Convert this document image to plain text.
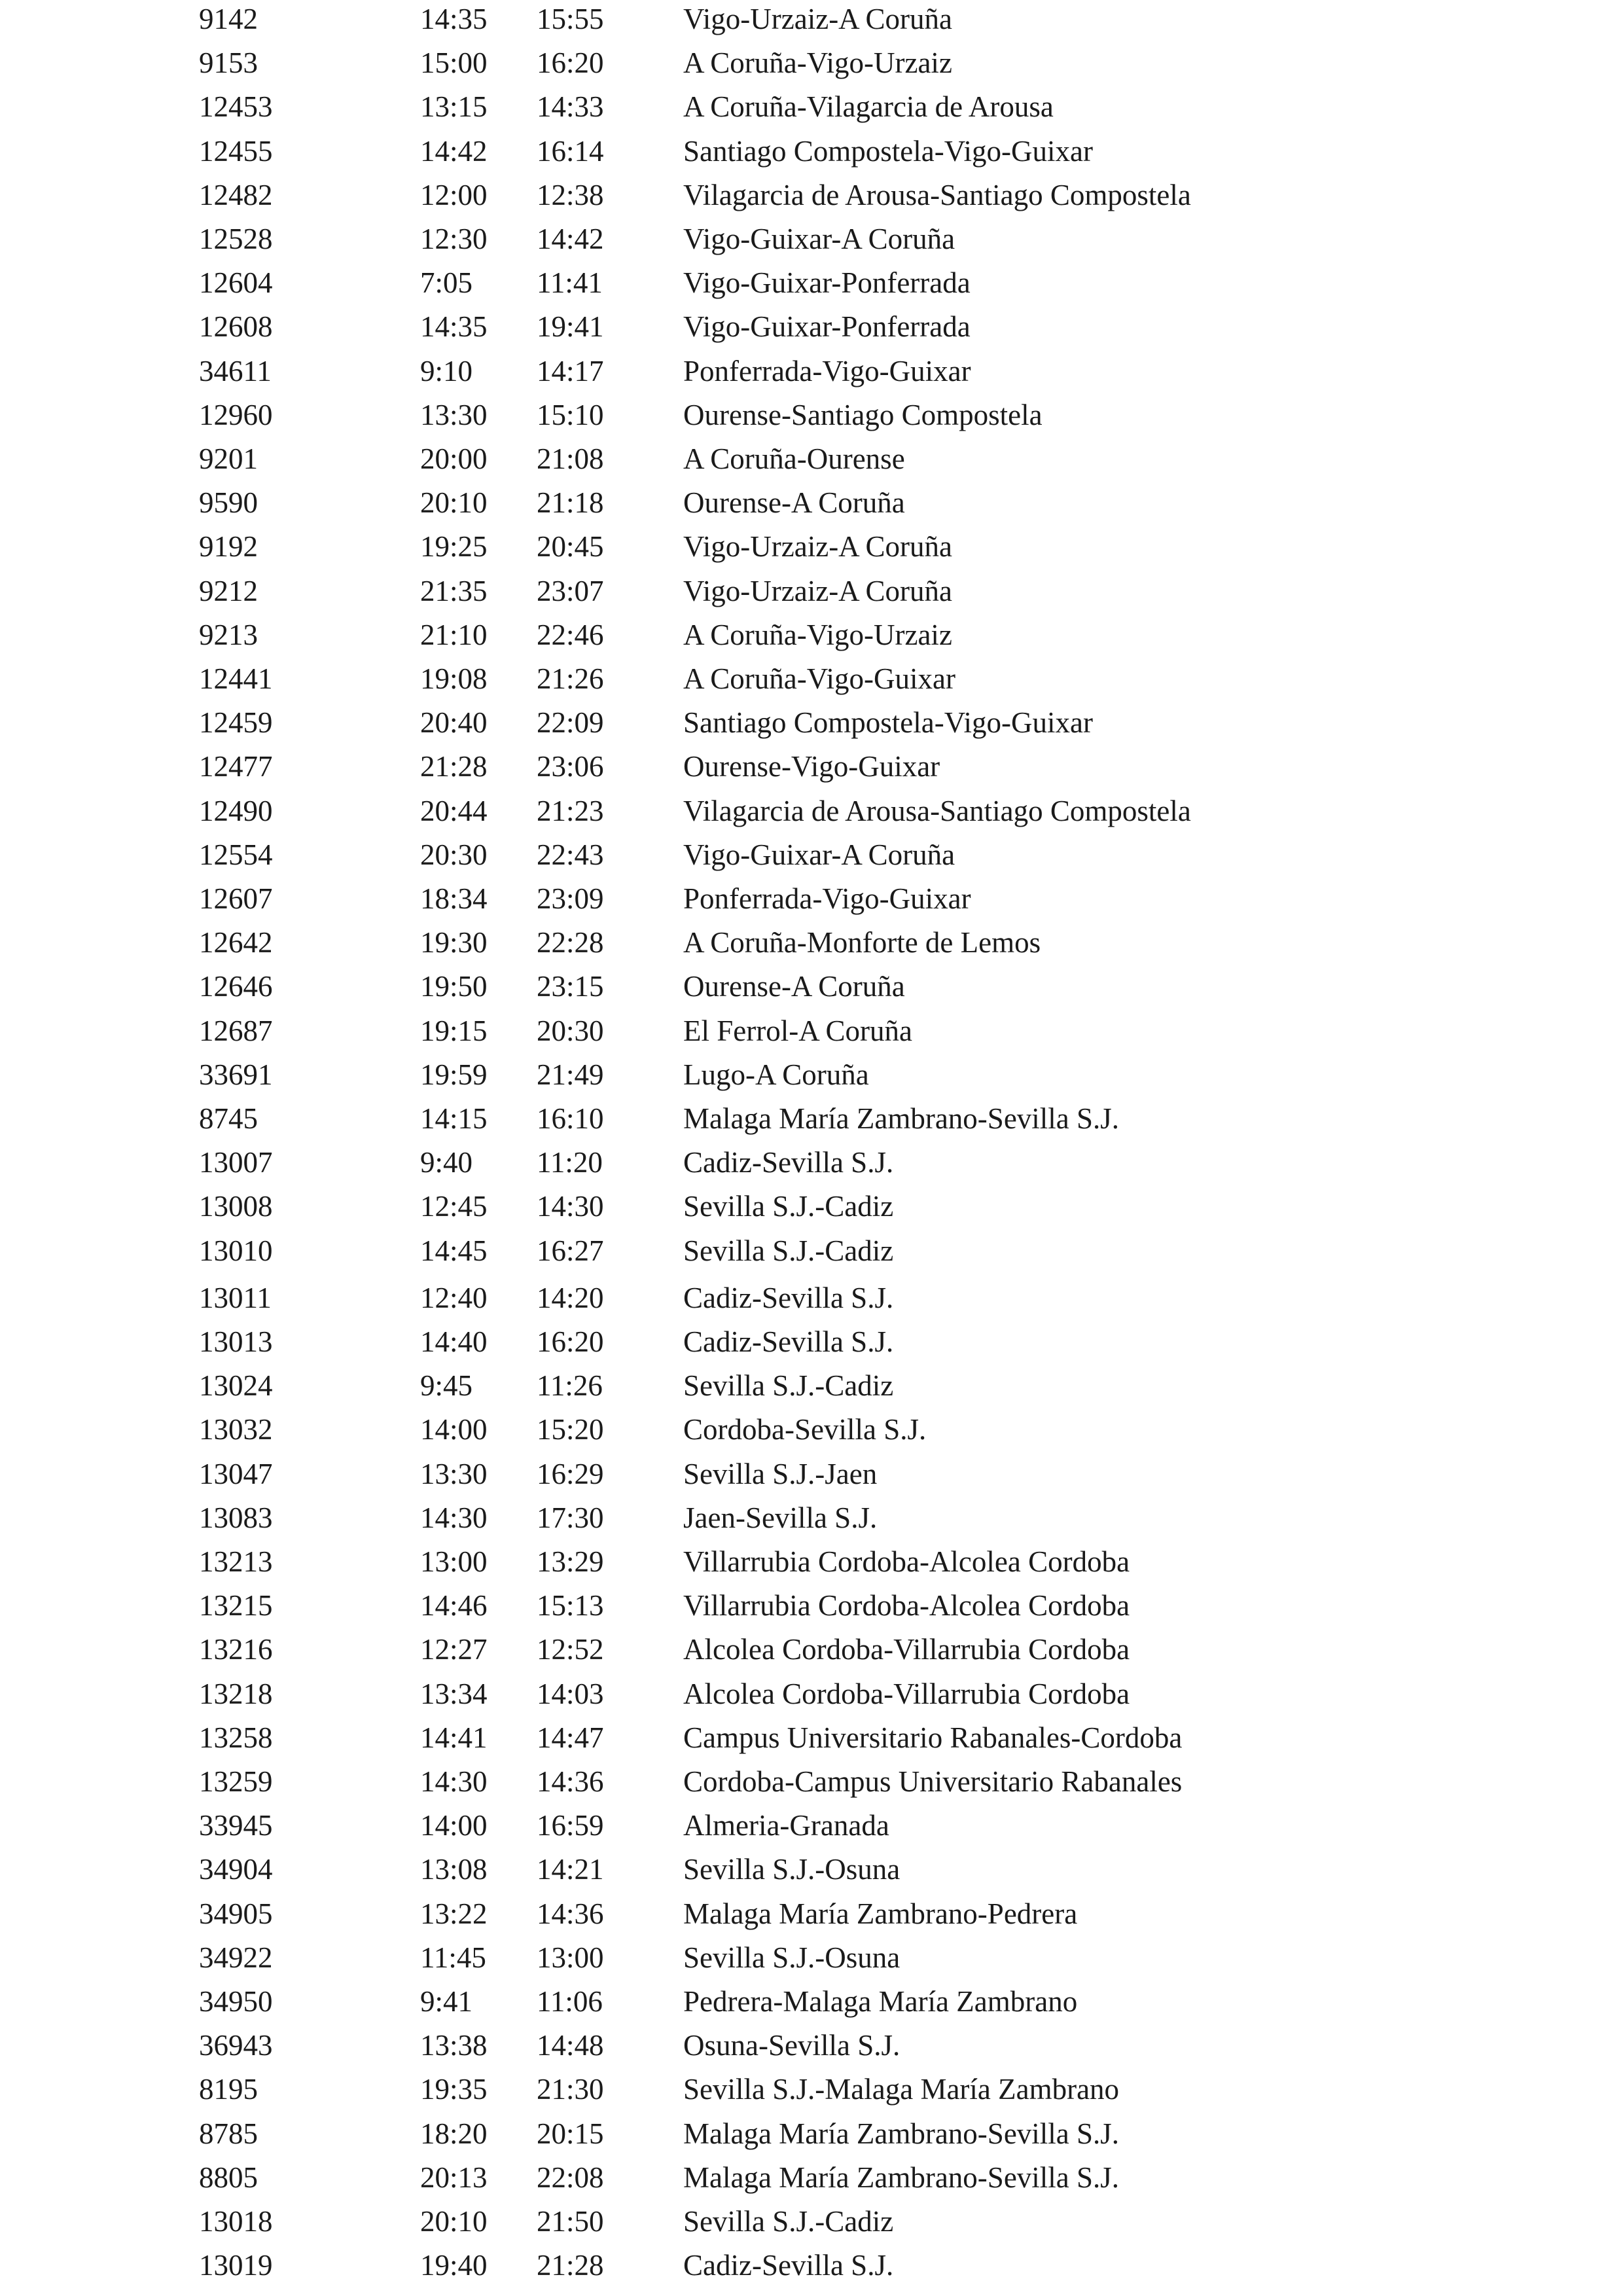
9142	14:35 15:55	Vigo-Urzaiz-A Coruña
9153	15:00 16:20	A Coruña-Vigo-Urzaiz
12453	13:15 14:33	A Coruña-Vilagarcia de Arousa
12455	14:42 16:14	Santiago Compostela-Vigo-Guixar
12482	12:00 12:38	Vilagarcia de Arousa-Santiago Compostela
12528	12:30 14:42	Vigo-Guixar-A Coruña
12604	7:05 11:41	Vigo-Guixar-Ponferrada
12608	14:35 19:41	Vigo-Guixar-Ponferrada
34611	9:10 14:17	Ponferrada-Vigo-Guixar
12960	13:30 15:10	Ourense-Santiago Compostela
9201	20:00 21:08	A Coruña-Ourense
9590	20:10 21:18	Ourense-A Coruña
9192	19:25 20:45	Vigo-Urzaiz-A Coruña
9212	21:35 23:07	Vigo-Urzaiz-A Coruña
9213	21:10 22:46	A Coruña-Vigo-Urzaiz
12441	19:08 21:26	A Coruña-Vigo-Guixar
12459	20:40 22:09	Santiago Compostela-Vigo-Guixar
12477	21:28 23:06	Ourense-Vigo-Guixar
12490	20:44 21:23	Vilagarcia de Arousa-Santiago Compostela
12554	20:30 22:43	Vigo-Guixar-A Coruña
12607	18:34 23:09	Ponferrada-Vigo-Guixar
12642	19:30 22:28	A Coruña-Monforte de Lemos
12646	19:50 23:15	Ourense-A Coruña
12687	19:15 20:30	El Ferrol-A Coruña
33691	19:59 21:49	Lugo-A Coruña
8745	14:15 16:10	Malaga María Zambrano-Sevilla S.J.
13007	9:40 11:20	Cadiz-Sevilla S.J.
13008	12:45 14:30	Sevilla S.J.-Cadiz
13010	14:45 16:27	Sevilla S.J.-Cadiz
13011	12:40 14:20	Cadiz-Sevilla S.J.
13013	14:40 16:20	Cadiz-Sevilla S.J.
13024	9:45 11:26	Sevilla S.J.-Cadiz
13032	14:00 15:20	Cordoba-Sevilla S.J.
13047	13:30 16:29	Sevilla S.J.-Jaen
13083	14:30 17:30	Jaen-Sevilla S.J.
13213	13:00 13:29	Villarrubia Cordoba-Alcolea Cordoba
13215	14:46 15:13	Villarrubia Cordoba-Alcolea Cordoba
13216	12:27 12:52	Alcolea Cordoba-Villarrubia Cordoba
13218	13:34 14:03	Alcolea Cordoba-Villarrubia Cordoba
13258	14:41 14:47	Campus Universitario Rabanales-Cordoba
13259	14:30 14:36	Cordoba-Campus Universitario Rabanales
33945	14:00 16:59	Almeria-Granada
34904	13:08 14:21	Sevilla S.J.-Osuna
34905	13:22 14:36	Malaga María Zambrano-Pedrera
34922	11:45 13:00	Sevilla S.J.-Osuna
34950	9:41 11:06	Pedrera-Malaga María Zambrano
36943	13:38 14:48	Osuna-Sevilla S.J.
8195	19:35 21:30	Sevilla S.J.-Malaga María Zambrano
8785	18:20 20:15	Malaga María Zambrano-Sevilla S.J.
8805	20:13 22:08	Malaga María Zambrano-Sevilla S.J.
13018	20:10 21:50	Sevilla S.J.-Cadiz
13019	19:40 21:28	Cadiz-Sevilla S.J.
